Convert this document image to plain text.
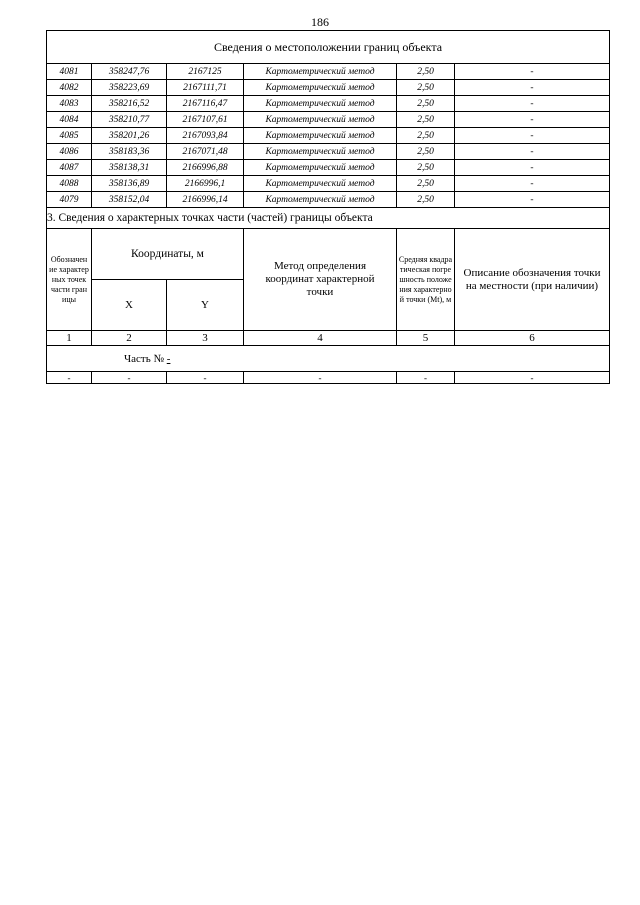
186
Сведения о местоположении границ объекта					
4081	358247,76	2167125	Картометрический метод	2,50	-
4082	358223,69	2167111,71	Картометрический метод	2,50	-
4083	358216,52	2167116,47	Картометрический метод	2,50	-
4084	358210,77	2167107,61	Картометрический метод	2,50	-
4085	358201,26	2167093,84	Картометрический метод	2,50	-
4086	358183,36	2167071,48	Картометрический метод	2,50	-
4087	358138,31	2166996,88	Картометрический метод	2,50	-
4088	358136,89	2166996,1	Картометрический метод	2,50	-
4079	358152,04	2166996,14	Картометрический метод	2,50	-
3. Сведения о характерных точках части (частей) границы объекта					

Обозначение характерных точек части границы	Координаты, м		Метод определения координат характерной точки	Средняя квадратическая погрешность положения характерной точки (Мt), м	Описание обозначения точки на местности (при наличии)

	X	Y			
1	2	3	4	5	6
Часть № -					
-	-	-	-	-	-
